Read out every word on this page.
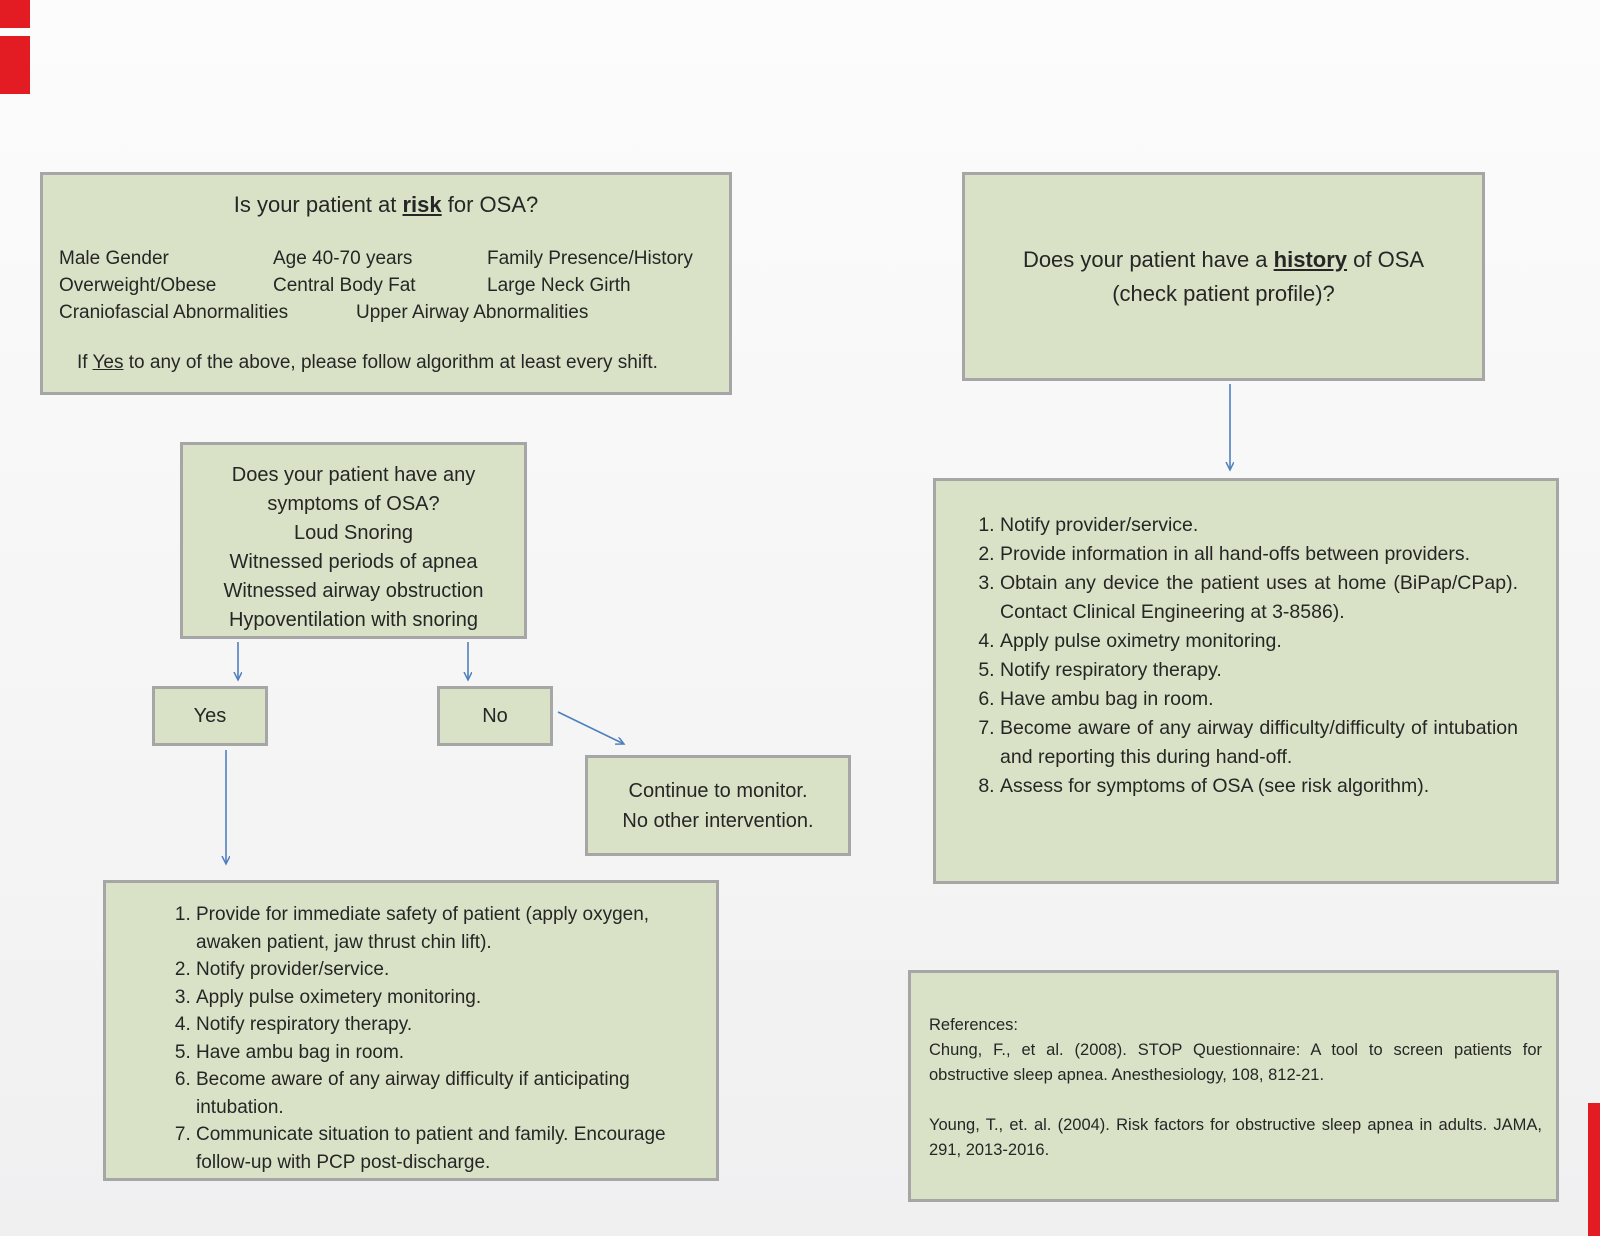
Is your patient at risk for OSA?
Male Gender	Age 40-70 years	Family Presence/History
Overweight/Obese	Central Body Fat	Large Neck Girth
Craniofascial Abnormalities	Upper Airway Abnormalities
If Yes to any of the above, please follow algorithm at least every shift.
Does your patient have a history of OSA
(check patient profile)?
Does your patient have any
symptoms of OSA?
Loud Snoring
Witnessed periods of apnea
Witnessed airway obstruction
Hypoventilation with snoring
Yes	No
Continue to monitor.
No other intervention.
1. Provide for immediate safety of patient (apply oxygen, awaken patient, jaw thrust chin lift).
2. Notify provider/service.
3. Apply pulse oximetery monitoring.
4. Notify respiratory therapy.
5. Have ambu bag in room.
6. Become aware of any airway difficulty if anticipating intubation.
7. Communicate situation to patient and family. Encourage follow-up with PCP post-discharge.
1. Notify provider/service.
2. Provide information in all hand-offs between providers.
3. Obtain any device the patient uses at home (BiPap/CPap). Contact Clinical Engineering at 3-8586).
4. Apply pulse oximetry monitoring.
5. Notify respiratory therapy.
6. Have ambu bag in room.
7. Become aware of any airway difficulty/difficulty of intubation and reporting this during hand-off.
8. Assess for symptoms of OSA (see risk algorithm).
References:

Chung, F., et al. (2008). STOP Questionnaire: A tool to screen patients for obstructive sleep apnea. Anesthesiology, 108, 812-21.

Young, T., et. al. (2004). Risk factors for obstructive sleep apnea in adults. JAMA, 291, 2013-2016.
